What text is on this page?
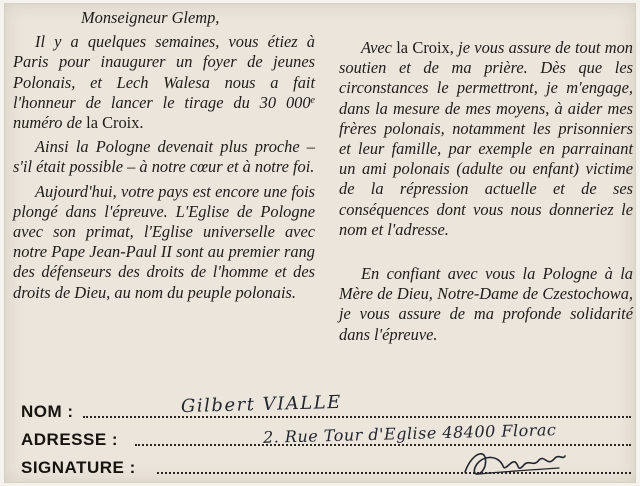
Monseigneur Glemp,

Il y a quelques semaines, vous étiez à Paris pour inaugurer un foyer de jeunes Polonais, et Lech Walesa nous a fait l'honneur de lancer le tirage du 30 000e numéro de la Croix.

Ainsi la Pologne devenait plus proche – s'il était possible – à notre cœur et à notre foi.

Aujourd'hui, votre pays est encore une fois plongé dans l'épreuve. L'Eglise de Pologne avec son primat, l'Eglise universelle avec notre Pape Jean-Paul II sont au premier rang des défenseurs des droits de l'homme et des droits de Dieu, au nom du peuple polonais.

Avec la Croix, je vous assure de tout mon soutien et de ma prière. Dès que les circonstances le permettront, je m'engage, dans la mesure de mes moyens, à aider mes frères polonais, notamment les prisonniers et leur famille, par exemple en parrainant un ami polonais (adulte ou enfant) victime de la répression actuelle et de ses conséquences dont vous nous donneriez le nom et l'adresse.

En confiant avec vous la Pologne à la Mère de Dieu, Notre-Dame de Czestochowa, je vous assure de ma profonde solidarité dans l'épreuve.

NOM :	Gilbert VIALLE
ADRESSE :	2. Rue Tour d'Eglise 48400 Florac
SIGNATURE :
